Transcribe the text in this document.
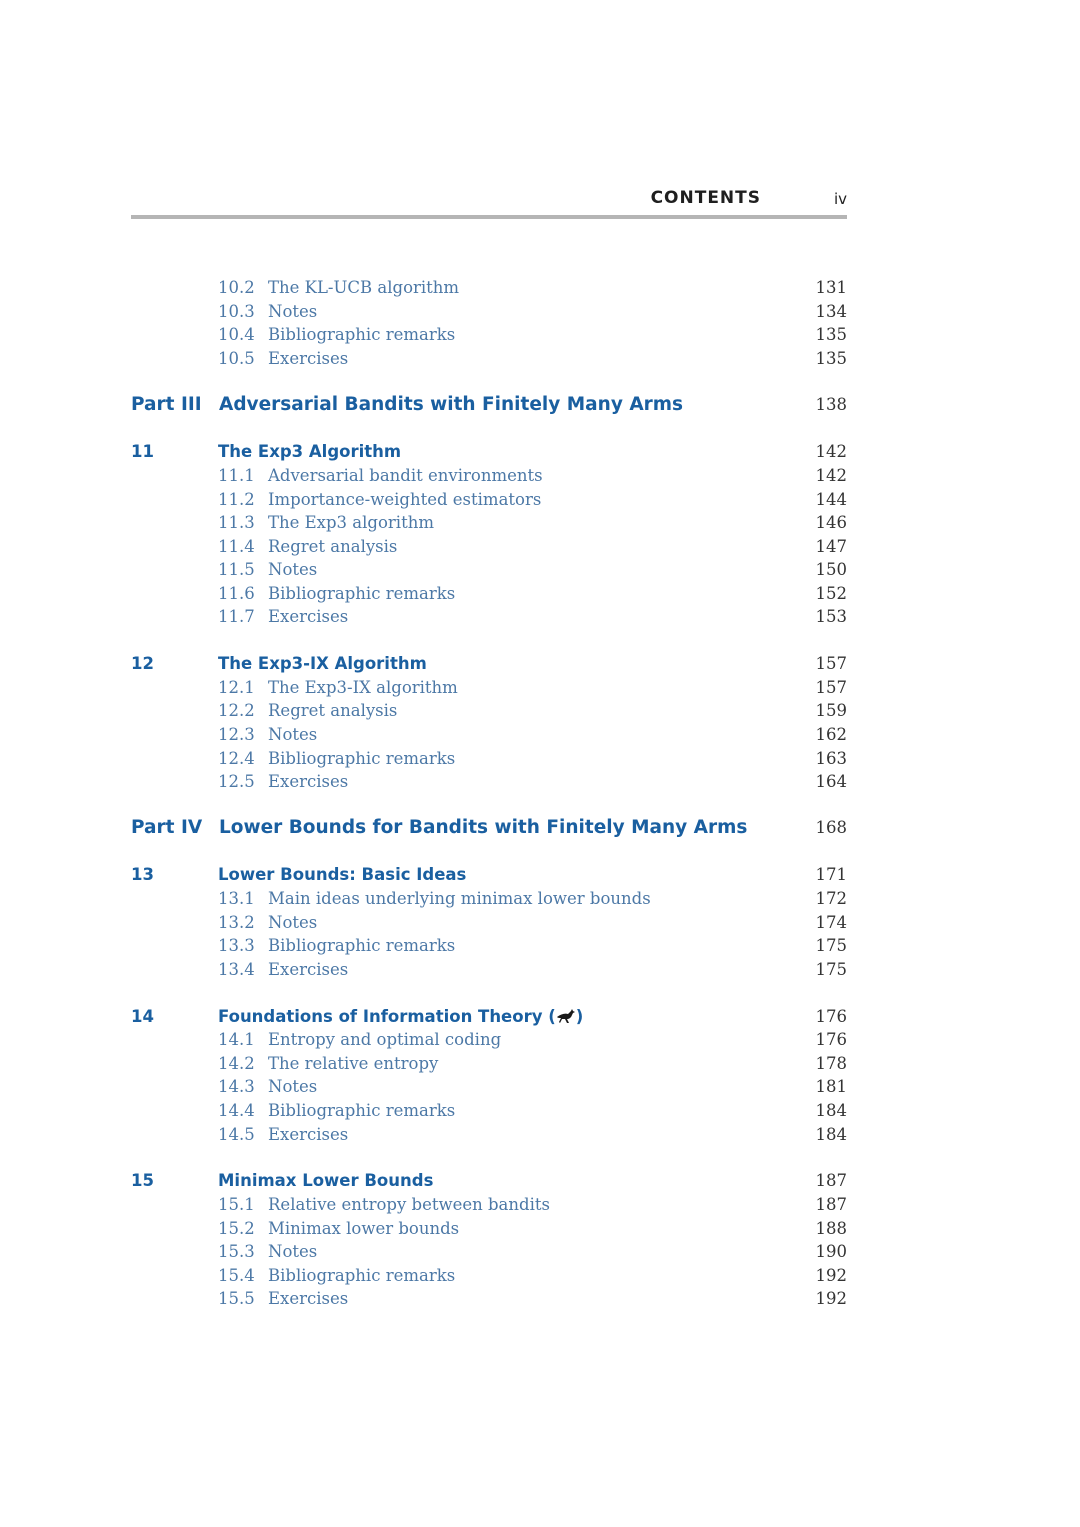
CONTENTS	iv
10.2 The KL-UCB algorithm	131
10.3 Notes	134
10.4 Bibliographic remarks	135
10.5 Exercises	135
Part III Adversarial Bandits with Finitely Many Arms	138
11	The Exp3 Algorithm	142
11.1 Adversarial bandit environments	142
11.2 Importance-weighted estimators	144
11.3 The Exp3 algorithm	146
11.4 Regret analysis	147
11.5 Notes	150
11.6 Bibliographic remarks	152
11.7 Exercises	153
12	The Exp3-IX Algorithm	157
12.1 The Exp3-IX algorithm	157
12.2 Regret analysis	159
12.3 Notes	162
12.4 Bibliographic remarks	163
12.5 Exercises	164
Part IV Lower Bounds for Bandits with Finitely Many Arms	168
13	Lower Bounds: Basic Ideas	171
13.1 Main ideas underlying minimax lower bounds	172
13.2 Notes	174
13.3 Bibliographic remarks	175
13.4 Exercises	175
14	Foundations of Information Theory ( )	176
14.1 Entropy and optimal coding	176
14.2 The relative entropy	178
14.3 Notes	181
14.4 Bibliographic remarks	184
14.5 Exercises	184
15	Minimax Lower Bounds	187
15.1 Relative entropy between bandits	187
15.2 Minimax lower bounds	188
15.3 Notes	190
15.4 Bibliographic remarks	192
15.5 Exercises	192
